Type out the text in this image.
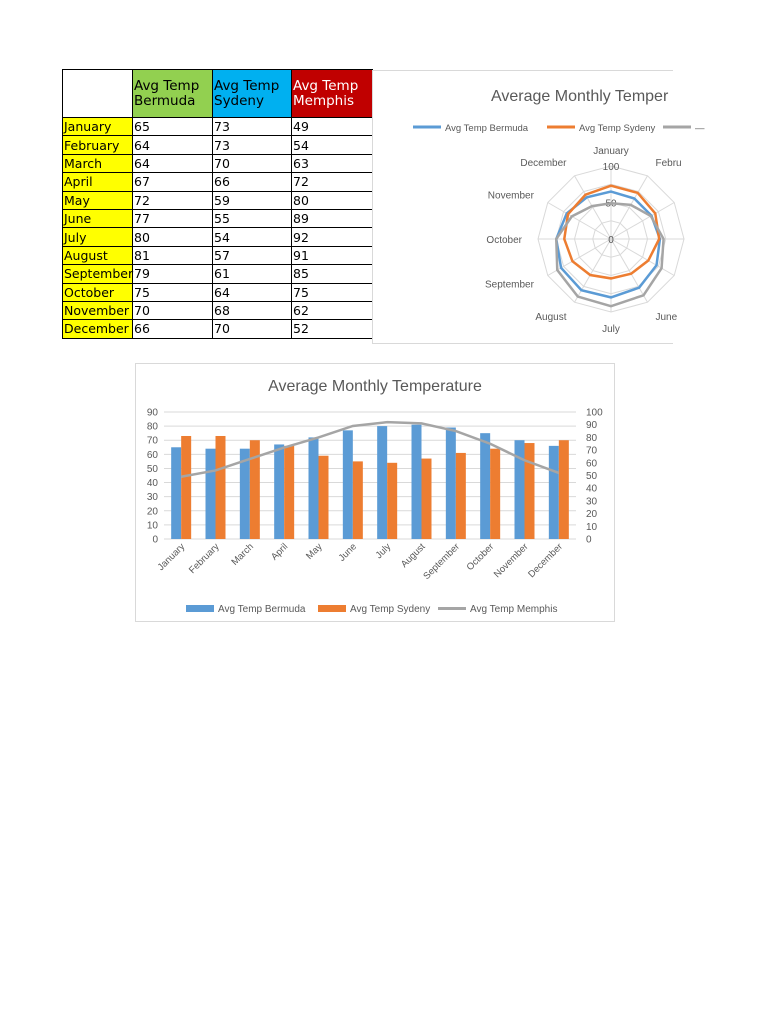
	Avg Temp Bermuda	Avg Temp Sydeny	Avg Temp Memphis
January	65	73	49
February	64	73	54
March	64	70	63
April	67	66	72
May	72	59	80
June	77	55	89
July	80	54	92
August	81	57	91
September	79	61	85
October	75	64	75
November	70	68	62
December	66	70	52
Average Monthly Temper
Avg Temp Bermuda	Avg Temp Sydeny	—
0
50
100
January
Febru
June
July
August
September
October
November
December
Average Monthly Temperature
0
10
20
30
40
50
60
70
80
90
0
10
20
30
40
50
60
70
80
90
100
January February March April May June July August
September October
November
December
Avg Temp Bermuda	Avg Temp Sydeny	Avg Temp Memphis
